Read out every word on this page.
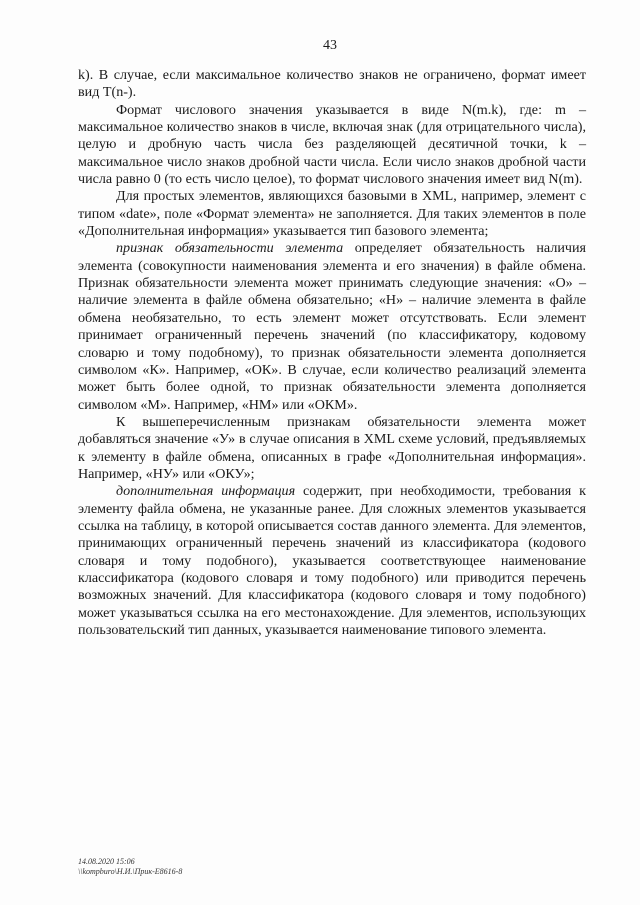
43

k). В случае, если максимальное количество знаков не ограничено, формат имеет вид T(n-).

Формат числового значения указывается в виде N(m.k), где: m – максимальное количество знаков в числе, включая знак (для отрицательного числа), целую и дробную часть числа без разделяющей десятичной точки, k – максимальное число знаков дробной части числа. Если число знаков дробной части числа равно 0 (то есть число целое), то формат числового значения имеет вид N(m).

Для простых элементов, являющихся базовыми в XML, например, элемент с типом «date», поле «Формат элемента» не заполняется. Для таких элементов в поле «Дополнительная информация» указывается тип базового элемента;

признак обязательности элемента определяет обязательность наличия элемента (совокупности наименования элемента и его значения) в файле обмена. Признак обязательности элемента может принимать следующие значения: «О» – наличие элемента в файле обмена обязательно; «Н» – наличие элемента в файле обмена необязательно, то есть элемент может отсутствовать. Если элемент принимает ограниченный перечень значений (по классификатору, кодовому словарю и тому подобному), то признак обязательности элемента дополняется символом «К». Например, «ОК». В случае, если количество реализаций элемента может быть более одной, то признак обязательности элемента дополняется символом «М». Например, «НМ» или «ОКМ».

К вышеперечисленным признакам обязательности элемента может добавляться значение «У» в случае описания в XML схеме условий, предъявляемых к элементу в файле обмена, описанных в графе «Дополнительная информация». Например, «НУ» или «ОКУ»;

дополнительная информация содержит, при необходимости, требования к элементу файла обмена, не указанные ранее. Для сложных элементов указывается ссылка на таблицу, в которой описывается состав данного элемента. Для элементов, принимающих ограниченный перечень значений из классификатора (кодового словаря и тому подобного), указывается соответствующее наименование классификатора (кодового словаря и тому подобного) или приводится перечень возможных значений. Для классификатора (кодового словаря и тому подобного) может указываться ссылка на его местонахождение. Для элементов, использующих пользовательский тип данных, указывается наименование типового элемента.

14.08.2020 15:06
\\kompburo\Н.И.\Прик-Е8616-8
